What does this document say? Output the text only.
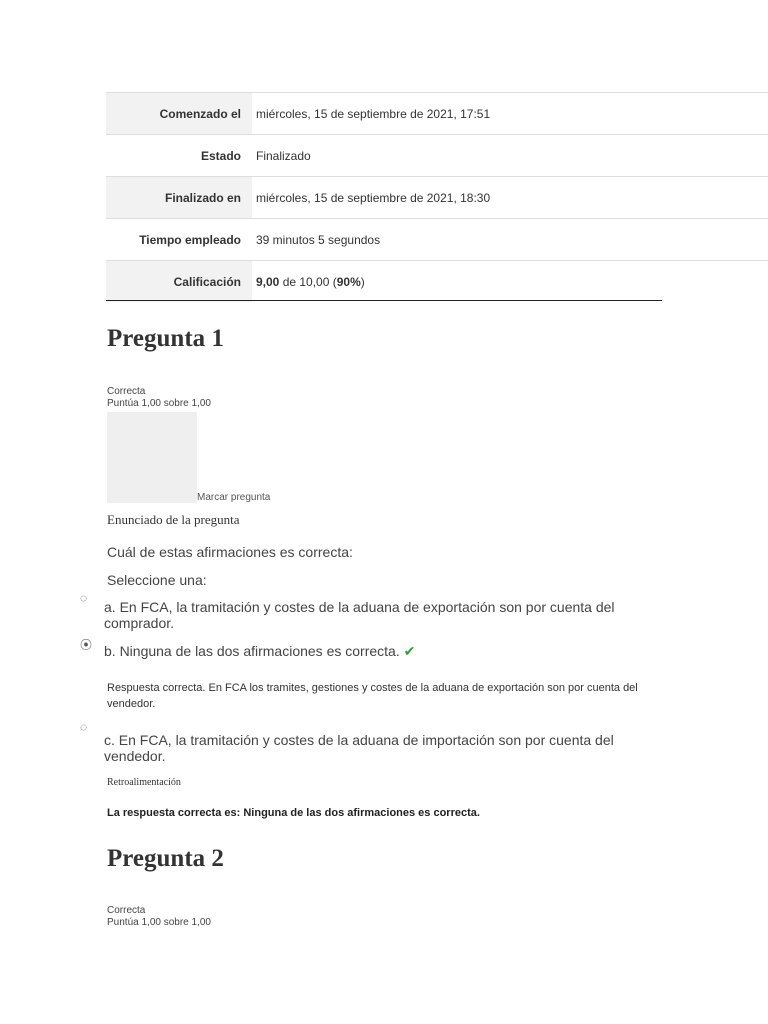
Comenzado el	miércoles, 15 de septiembre de 2021, 17:51
Estado	Finalizado
Finalizado en	miércoles, 15 de septiembre de 2021, 18:30
Tiempo empleado	39 minutos 5 segundos
Calificación	9,00 de 10,00 (90%)
Pregunta 1
Correcta
Puntúa 1,00 sobre 1,00
Marcar pregunta
Enunciado de la pregunta
Cuál de estas afirmaciones es correcta:
Seleccione una:
◌
a. En FCA, la tramitación y costes de la aduana de exportación son por cuenta del comprador.
⦿ b. Ninguna de las dos afirmaciones es correcta. ✔
Respuesta correcta. En FCA los tramites, gestiones y costes de la aduana de exportación son por cuenta del vendedor.
◌
c. En FCA, la tramitación y costes de la aduana de importación son por cuenta del vendedor.
Retroalimentación
La respuesta correcta es: Ninguna de las dos afirmaciones es correcta.
Pregunta 2
Correcta
Puntúa 1,00 sobre 1,00
